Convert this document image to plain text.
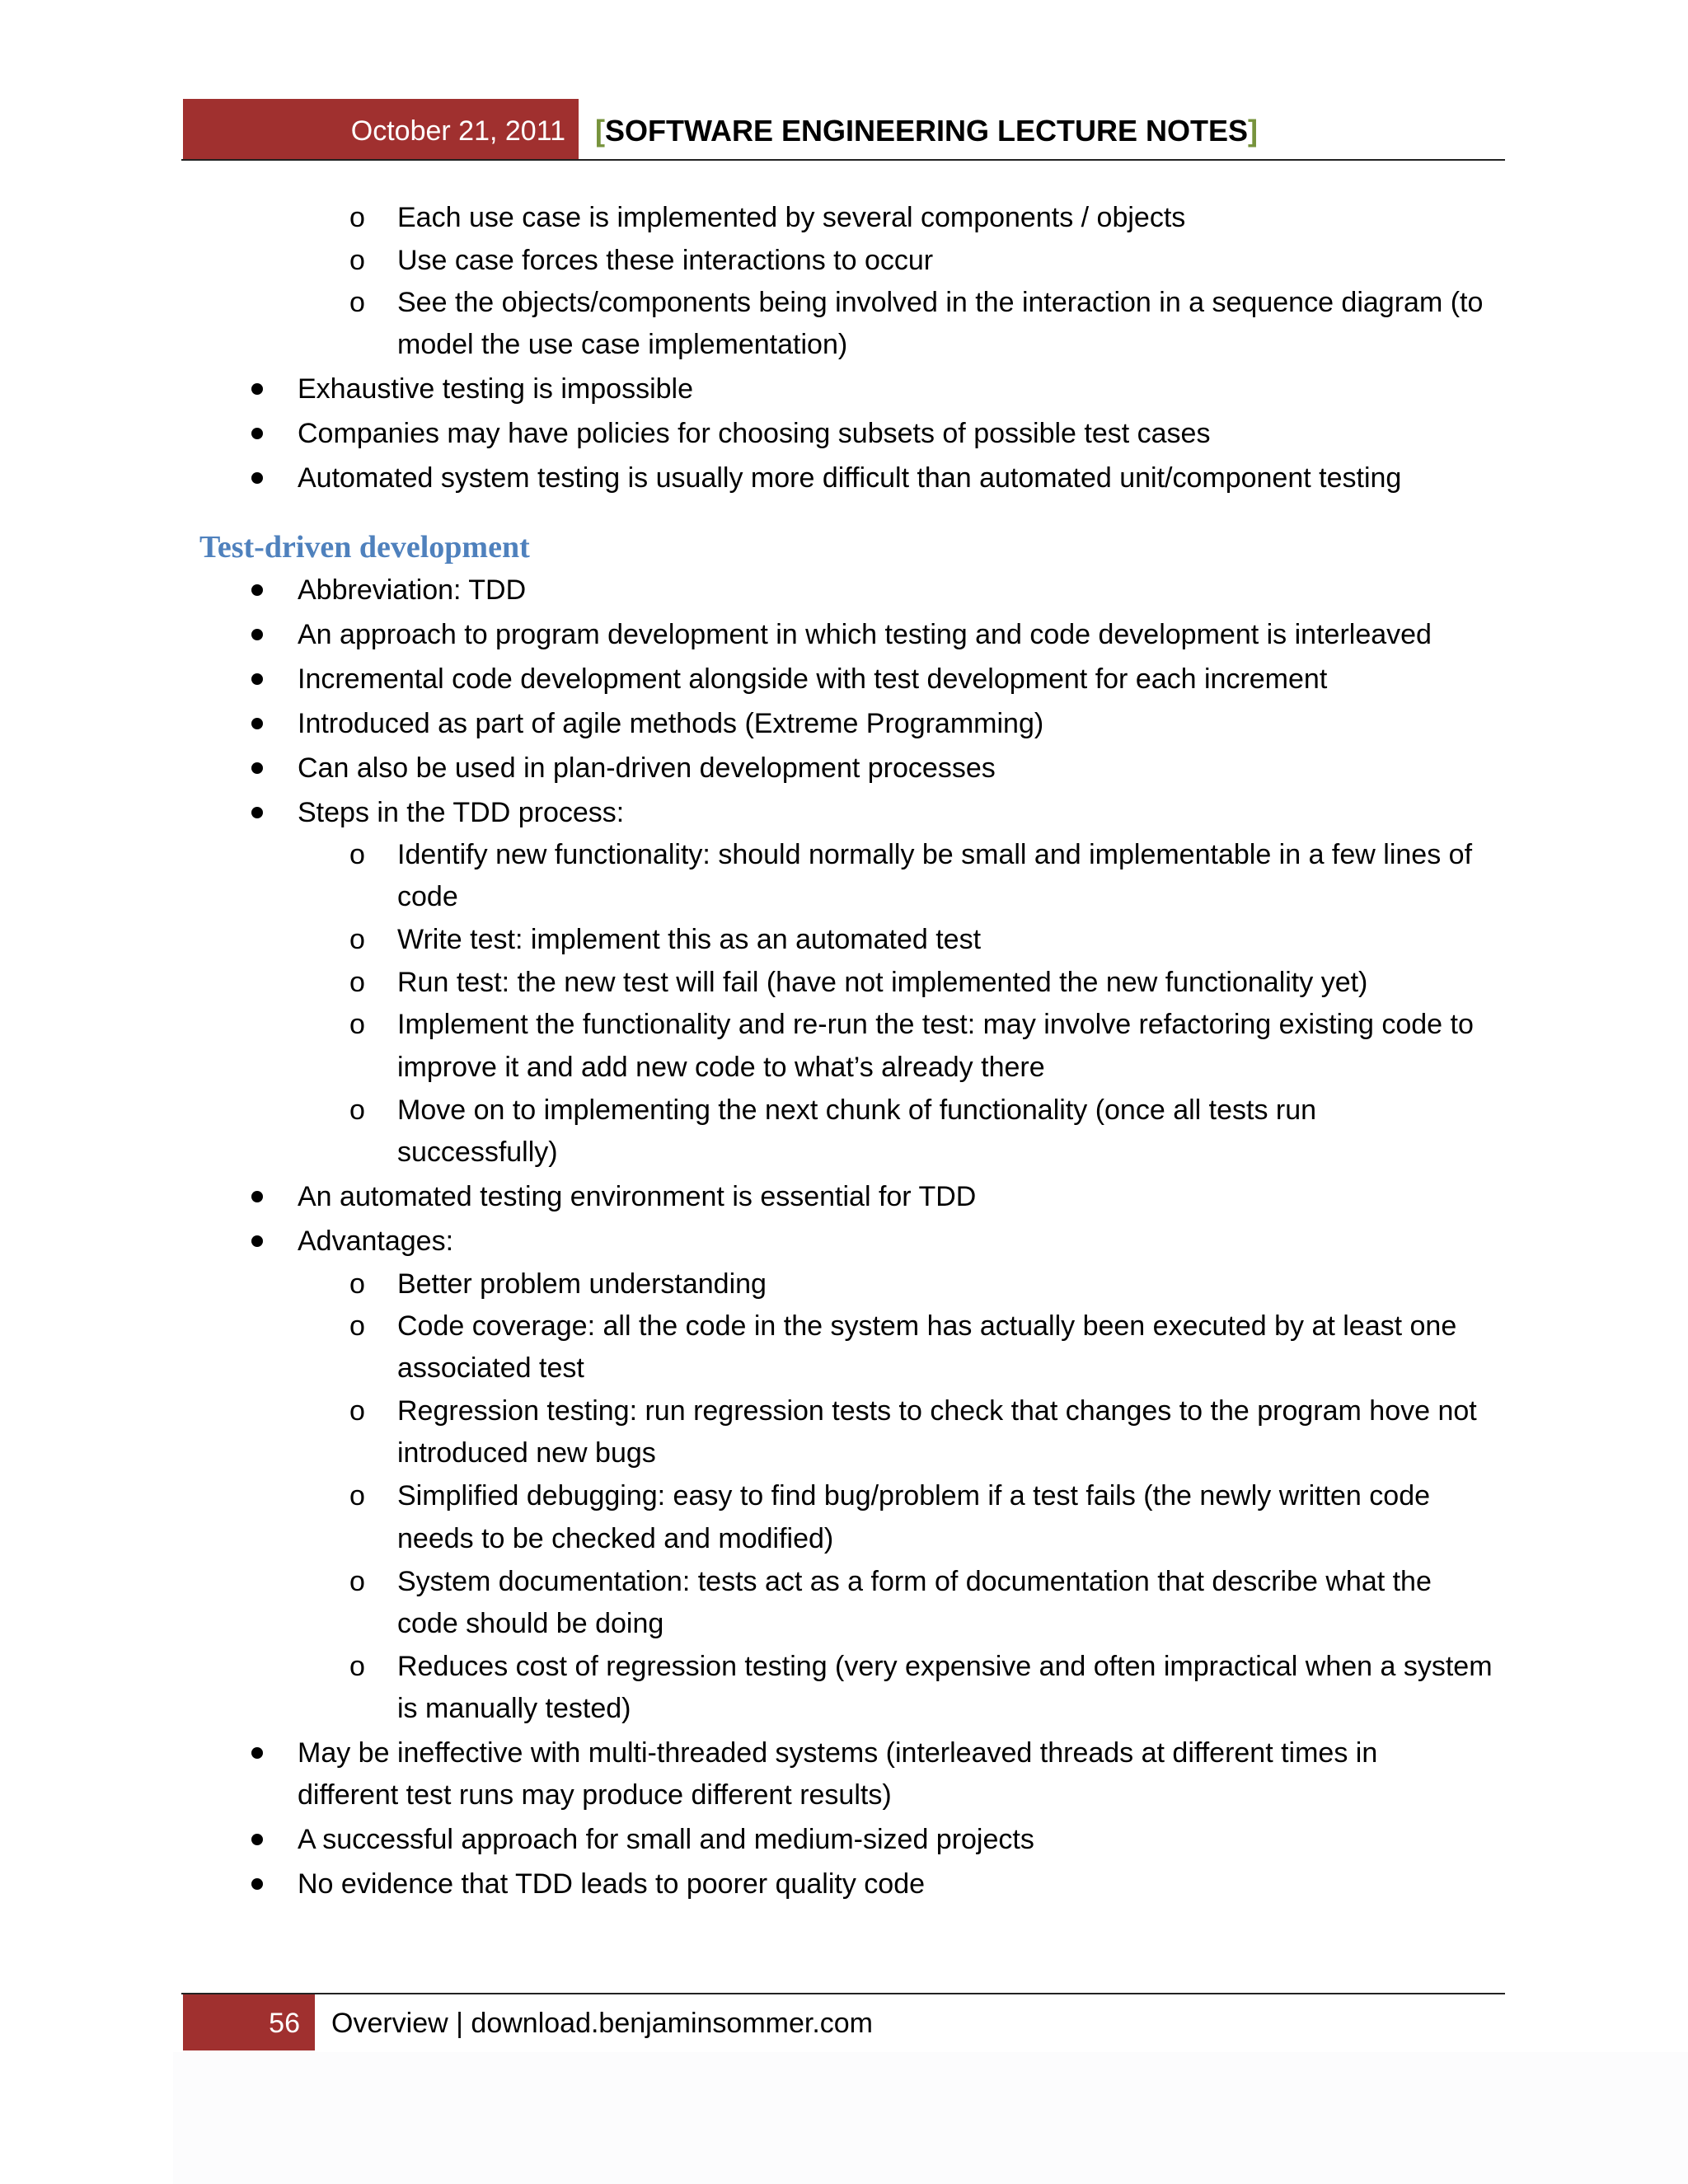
October 21, 2011 [SOFTWARE ENGINEERING LECTURE NOTES]
o Each use case is implemented by several components / objects
o Use case forces these interactions to occur
o See the objects/components being involved in the interaction in a sequence diagram (to
model the use case implementation)
Exhaustive testing is impossible
Companies may have policies for choosing subsets of possible test cases
Automated system testing is usually more difficult than automated unit/component testing
Test-driven development
Abbreviation: TDD
An approach to program development in which testing and code development is interleaved
Incremental code development alongside with test development for each increment
Introduced as part of agile methods (Extreme Programming)
Can also be used in plan-driven development processes
Steps in the TDD process:
o Identify new functionality: should normally be small and implementable in a few lines of
code
o Write test: implement this as an automated test
o Run test: the new test will fail (have not implemented the new functionality yet)
o Implement the functionality and re-run the test: may involve refactoring existing code to
improve it and add new code to what’s already there
o Move on to implementing the next chunk of functionality (once all tests run
successfully)
An automated testing environment is essential for TDD
Advantages:
o Better problem understanding
o Code coverage: all the code in the system has actually been executed by at least one
associated test
o Regression testing: run regression tests to check that changes to the program hove not
introduced new bugs
o Simplified debugging: easy to find bug/problem if a test fails (the newly written code
needs to be checked and modified)
o System documentation: tests act as a form of documentation that describe what the
code should be doing
o Reduces cost of regression testing (very expensive and often impractical when a system
is manually tested)
May be ineffective with multi-threaded systems (interleaved threads at different times in
different test runs may produce different results)
A successful approach for small and medium-sized projects
No evidence that TDD leads to poorer quality code
56 Overview | download.benjaminsommer.com
